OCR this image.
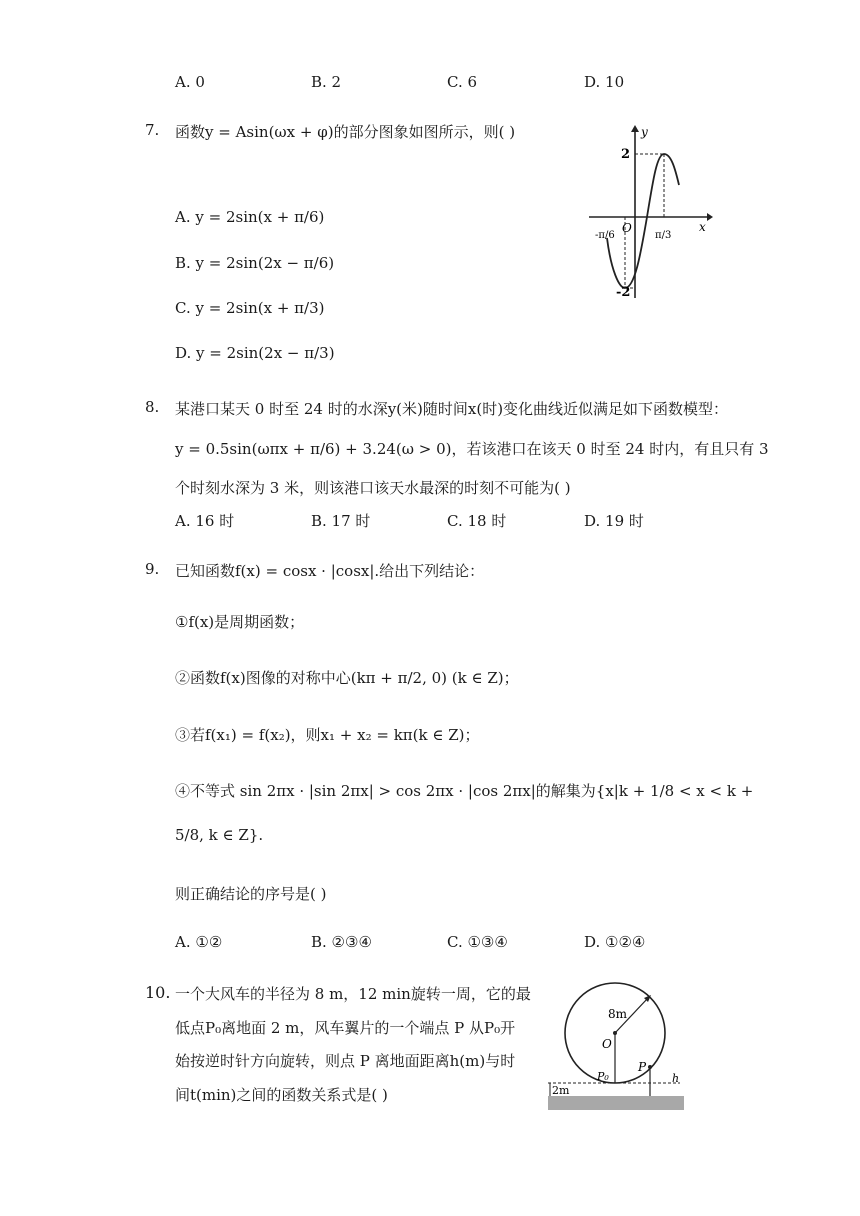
A. 0	B. 2	C. 6	D. 10
7. 函数y = Asin(ωx + φ)的部分图象如图所示，则( )
A. y = 2sin(x + π/6)
B. y = 2sin(2x − π/6)
C. y = 2sin(x + π/3)
D. y = 2sin(2x − π/3)
y
x
2
-2
O
-π/6	π/3
8. 某港口某天 0 时至 24 时的水深y(米)随时间x(时)变化曲线近似满足如下函数模型：
y = 0.5sin(ωπx + π/6) + 3.24(ω > 0)，若该港口在该天 0 时至 24 时内，有且只有 3
个时刻水深为 3 米，则该港口该天水最深的时刻不可能为( )
A. 16 时	B. 17 时	C. 18 时	D. 19 时
9. 已知函数f(x) = cosx · |cosx|.给出下列结论：
①f(x)是周期函数；
②函数f(x)图像的对称中心(kπ + π/2, 0) (k ∈ Z)；
③若f(x₁) = f(x₂)，则x₁ + x₂ = kπ(k ∈ Z)；
④不等式 sin 2πx · |sin 2πx| > cos 2πx · |cos 2πx|的解集为{x|k + 1/8 < x < k +
5/8, k ∈ Z}.
则正确结论的序号是( )
A. ①②	B. ②③④	C. ①③④	D. ①②④
10. 一个大风车的半径为 8 m，12 min旋转一周，它的最
低点P₀离地面 2 m，风车翼片的一个端点 P 从P₀开
始按逆时针方向旋转，则点 P 离地面距离h(m)与时
间t(min)之间的函数关系式是( )
8m
O
P
P₀
2m
h
